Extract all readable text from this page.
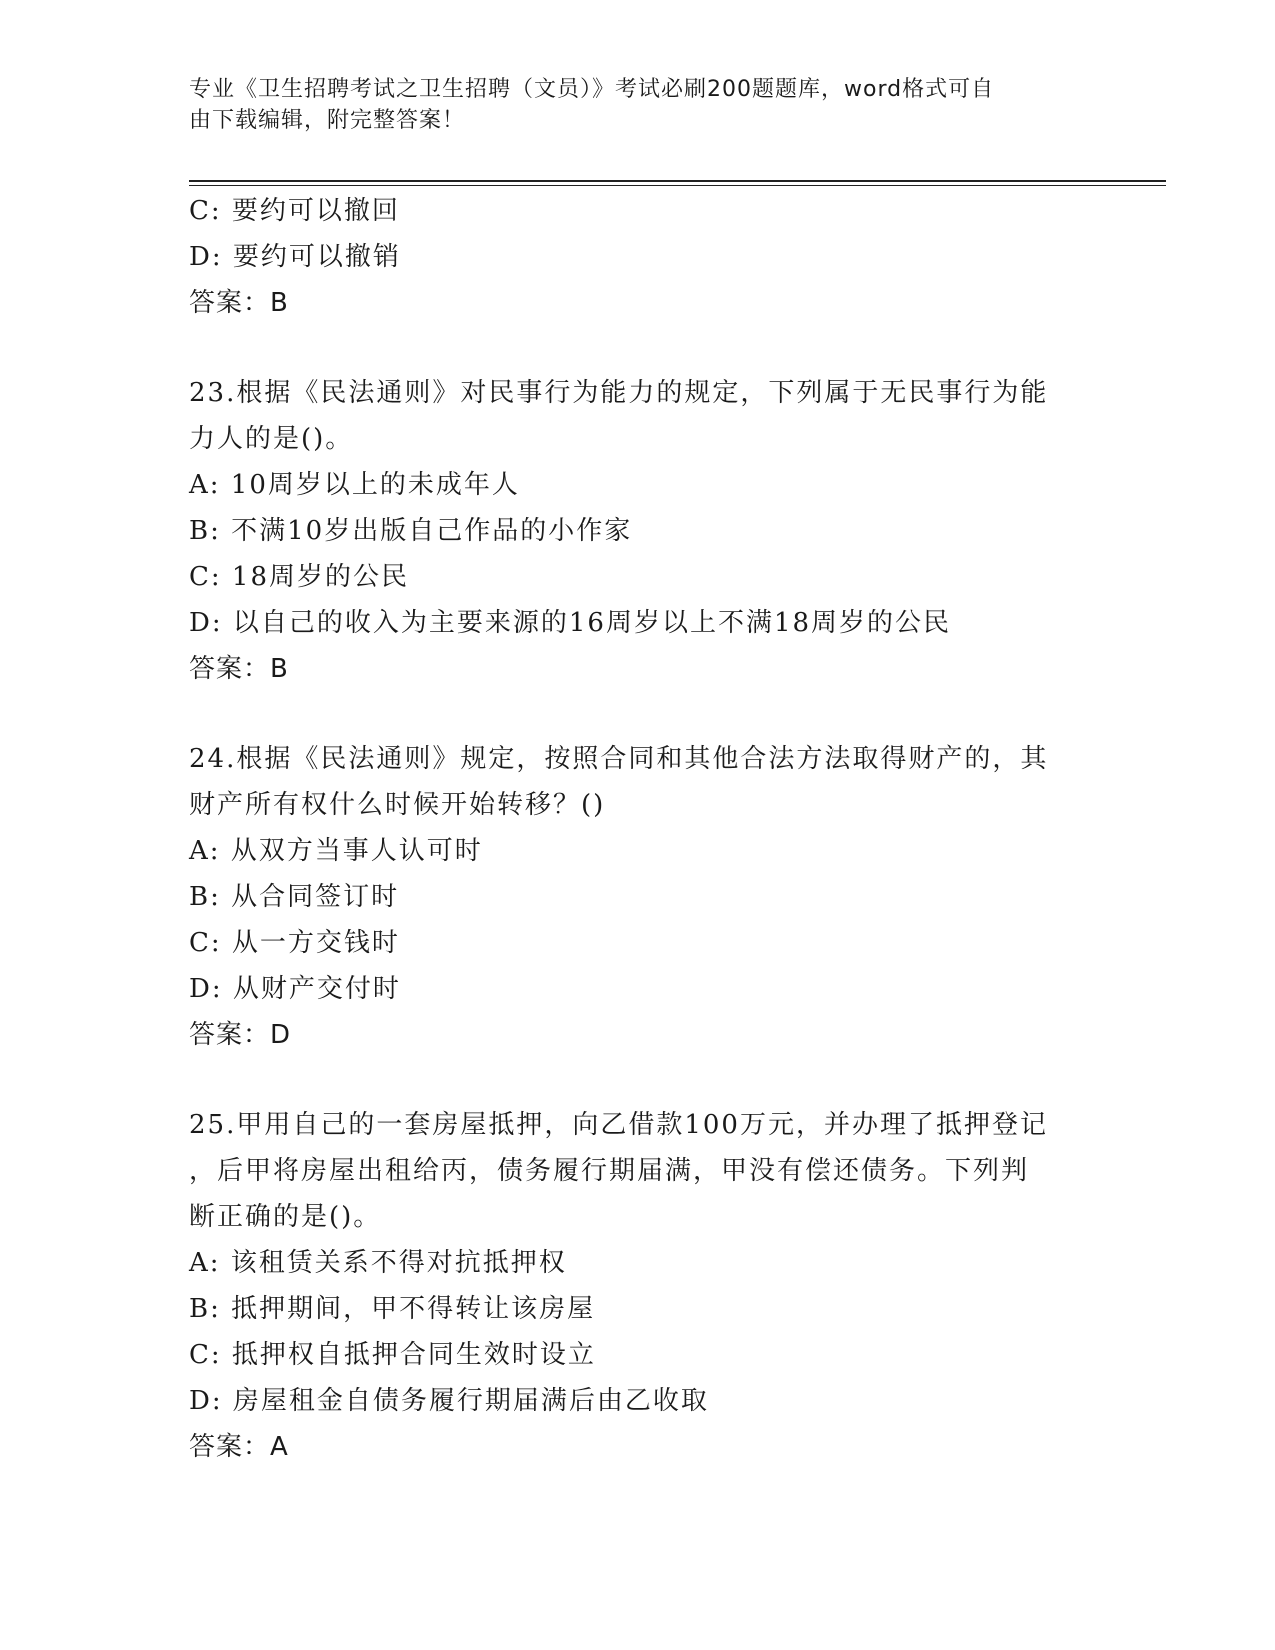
专业《卫生招聘考试之卫生招聘（文员）》考试必刷200题题库，word格式可自
由下载编辑，附完整答案！
C: 要约可以撤回
D: 要约可以撤销
答案：B
23.根据《民法通则》对民事行为能力的规定，下列属于无民事行为能
力人的是()。
A: 10周岁以上的未成年人
B: 不满10岁出版自己作品的小作家
C: 18周岁的公民
D: 以自己的收入为主要来源的16周岁以上不满18周岁的公民
答案：B
24.根据《民法通则》规定，按照合同和其他合法方法取得财产的，其
财产所有权什么时候开始转移？()
A: 从双方当事人认可时
B: 从合同签订时
C: 从一方交钱时
D: 从财产交付时
答案：D
25.甲用自己的一套房屋抵押，向乙借款100万元，并办理了抵押登记
，后甲将房屋出租给丙，债务履行期届满，甲没有偿还债务。下列判
断正确的是()。
A: 该租赁关系不得对抗抵押权
B: 抵押期间，甲不得转让该房屋
C: 抵押权自抵押合同生效时设立
D: 房屋租金自债务履行期届满后由乙收取
答案：A
